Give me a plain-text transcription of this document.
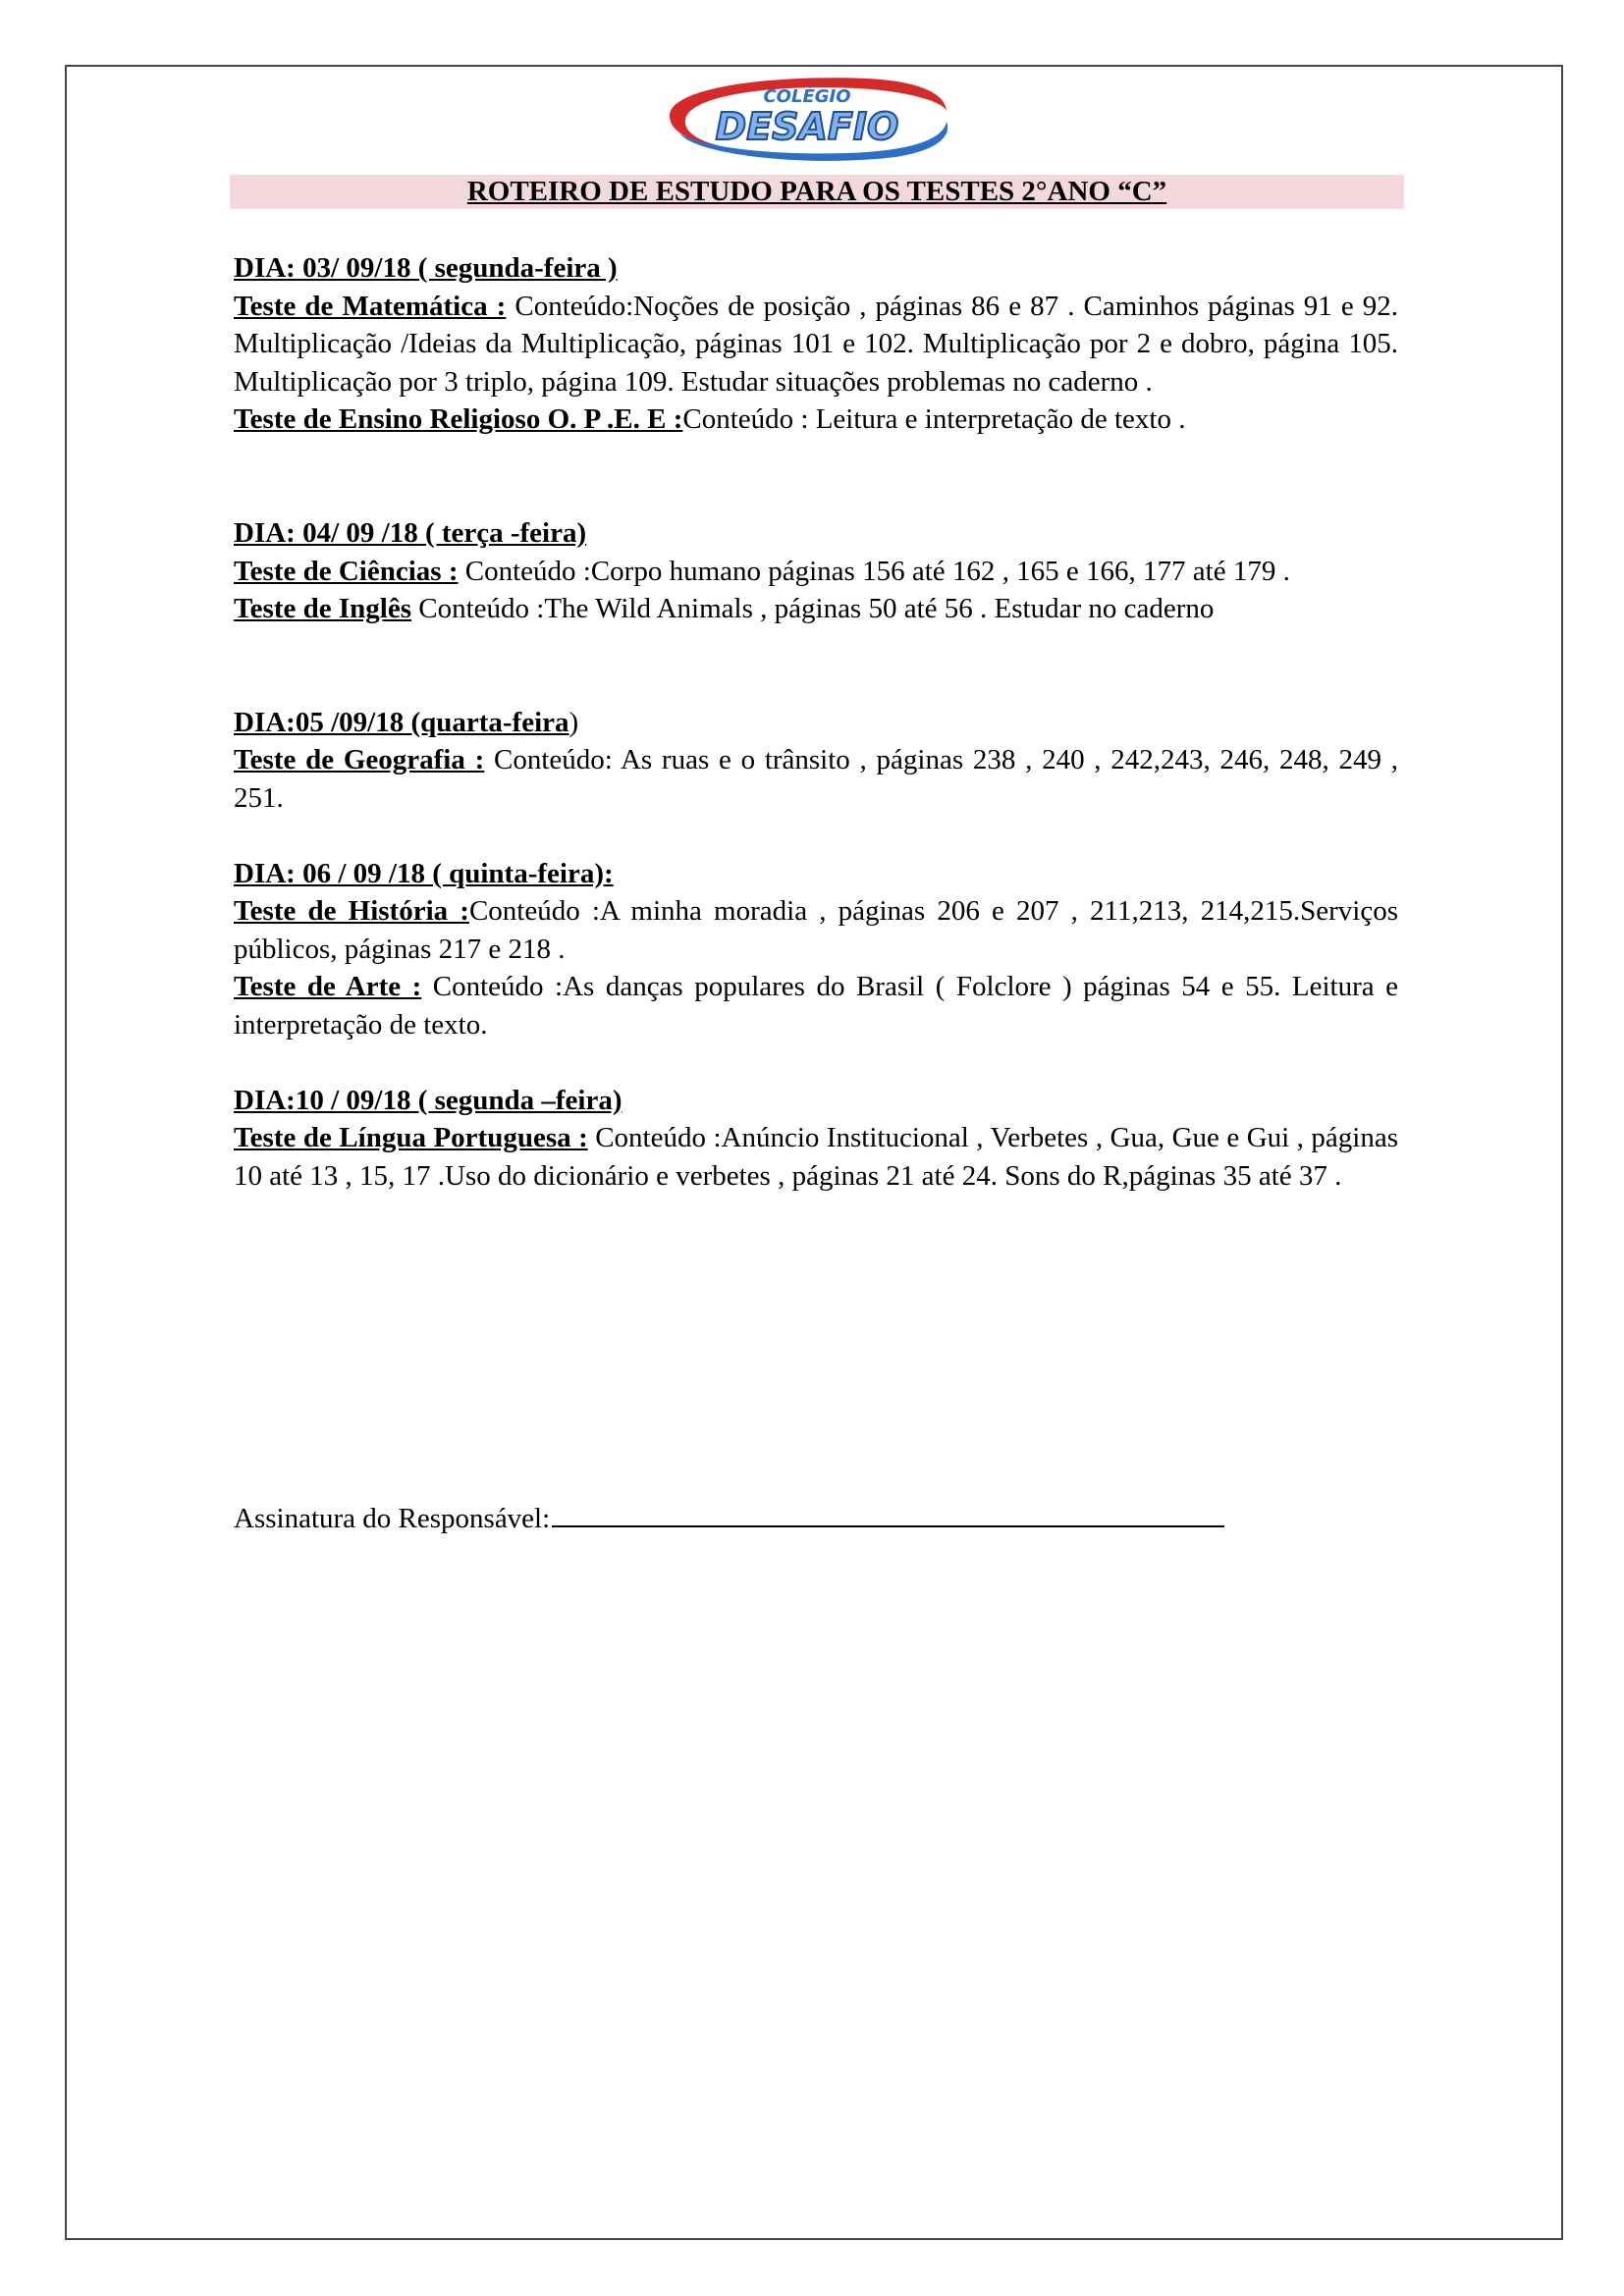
COLÉGIO
DESAFIO
ROTEIRO DE ESTUDO PARA OS TESTES 2°ANO “C”
DIA: 03/ 09/18 ( segunda-feira )

Teste de Matemática : Conteúdo:Noções de posição , páginas 86 e 87 . Caminhos páginas 91 e 92. Multiplicação /Ideias da Multiplicação, páginas 101 e 102. Multiplicação por 2 e dobro, página 105. Multiplicação por 3 triplo, página 109. Estudar situações problemas no caderno .

Teste de Ensino Religioso O. P .E. E :Conteúdo : Leitura e interpretação de texto .

DIA: 04/ 09 /18 ( terça -feira)

Teste de Ciências : Conteúdo :Corpo humano páginas 156 até 162 , 165 e 166, 177 até 179 .

Teste de Inglês Conteúdo :The Wild Animals , páginas 50 até 56 . Estudar no caderno

DIA:05 /09/18 (quarta-feira)

Teste de Geografia : Conteúdo: As ruas e o trânsito , páginas 238 , 240 , 242,243, 246, 248, 249 , 251.

DIA: 06 / 09 /18 ( quinta-feira):

Teste de História :Conteúdo :A minha moradia , páginas 206 e 207 , 211,213, 214,215.Serviços públicos, páginas 217 e 218 .

Teste de Arte : Conteúdo :As danças populares do Brasil ( Folclore ) páginas 54 e 55. Leitura e interpretação de texto.

DIA:10 / 09/18 ( segunda –feira)

Teste de Língua Portuguesa : Conteúdo :Anúncio Institucional , Verbetes , Gua, Gue e Gui , páginas 10 até 13 , 15, 17 .Uso do dicionário e verbetes , páginas 21 até 24. Sons do R,páginas 35 até 37 .

Assinatura do Responsável:
